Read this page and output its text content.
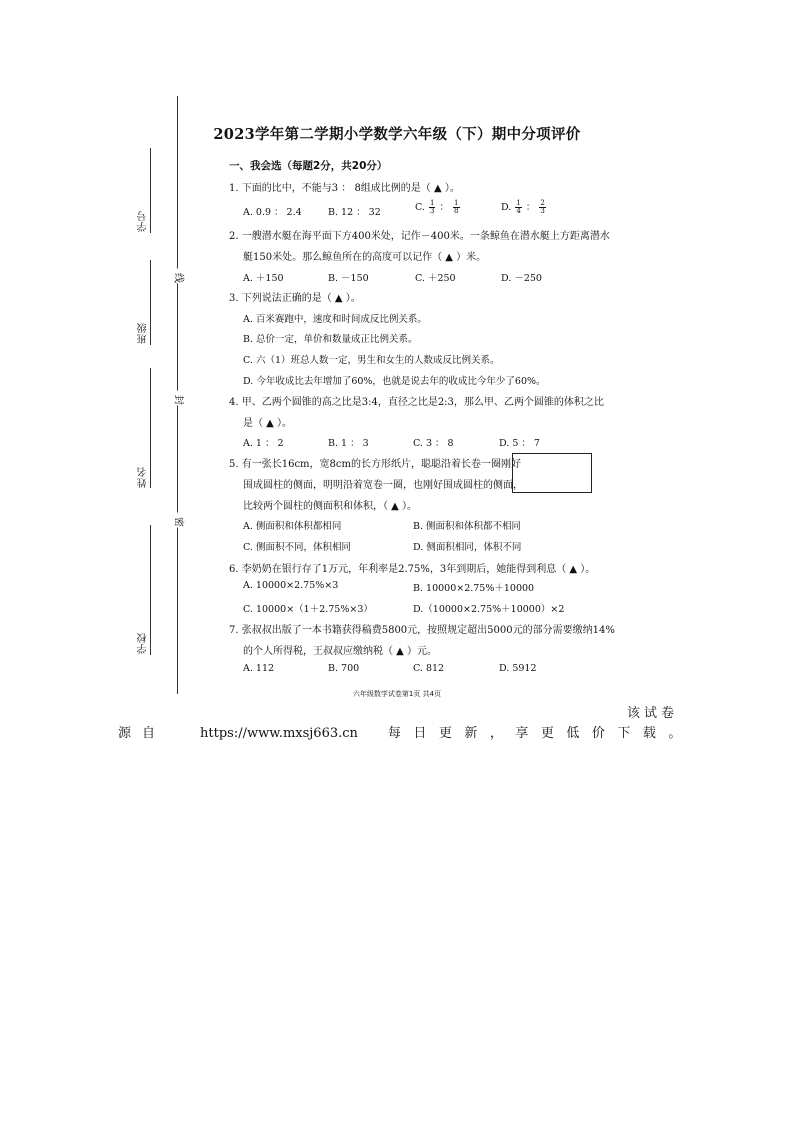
学号
班级
姓名
学校
线
封
密
2023学年第二学期小学数学六年级（下）期中分项评价
一、我会选（每题2分，共20分）
1. 下面的比中，不能与3 ： 8组成比例的是（ ▲ ）。
A. 0.9 ： 2.4	B. 12 ： 32	C. $\frac{1}{3}$ ： $\frac{1}{8}$	D. $\frac{1}{4}$ ： $\frac{2}{3}$
2. 一艘潜水艇在海平面下方400米处，记作－400米。一条鲸鱼在潜水艇上方距离潜水
艇150米处。那么鲸鱼所在的高度可以记作（ ▲ ）米。
A. ＋150	B. －150	C. ＋250	D. －250
3. 下列说法正确的是（ ▲ ）。
A. 百米赛跑中，速度和时间成反比例关系。
B. 总价一定，单价和数量成正比例关系。
C. 六（1）班总人数一定，男生和女生的人数成反比例关系。
D. 今年收成比去年增加了60%，也就是说去年的收成比今年少了60%。
4. 甲、乙两个圆锥的高之比是3:4，直径之比是2:3，那么甲、乙两个圆锥的体积之比
是（ ▲ ）。
A. 1 ： 2	B. 1 ： 3	C. 3 ： 8	D. 5 ： 7
5. 有一张长16cm，宽8cm的长方形纸片，聪聪沿着长卷一圈刚好
围成圆柱的侧面，明明沿着宽卷一圈，也刚好围成圆柱的侧面，
比较两个圆柱的侧面积和体积，（ ▲ ）。
A. 侧面积和体积都相同	B. 侧面积和体积都不相同
C. 侧面积不同，体积相同	D. 侧面积相同，体积不同
6. 李奶奶在银行存了1万元，年利率是2.75%，3年到期后，她能得到利息（ ▲ ）。
A. 10000×2.75%×3	B. 10000×2.75%＋10000
C. 10000×（1＋2.75%×3）	D.（10000×2.75%＋10000）×2
7. 张叔叔出版了一本书籍获得稿费5800元，按照规定超出5000元的部分需要缴纳14%
的个人所得税，王叔叔应缴纳税（ ▲ ）元。
A. 112	B. 700	C. 812	D. 5912
六年级数学试卷第1页 共4页
该试卷
源自	https://www.mxsj663.cn 每日更新，享更低价下载。
